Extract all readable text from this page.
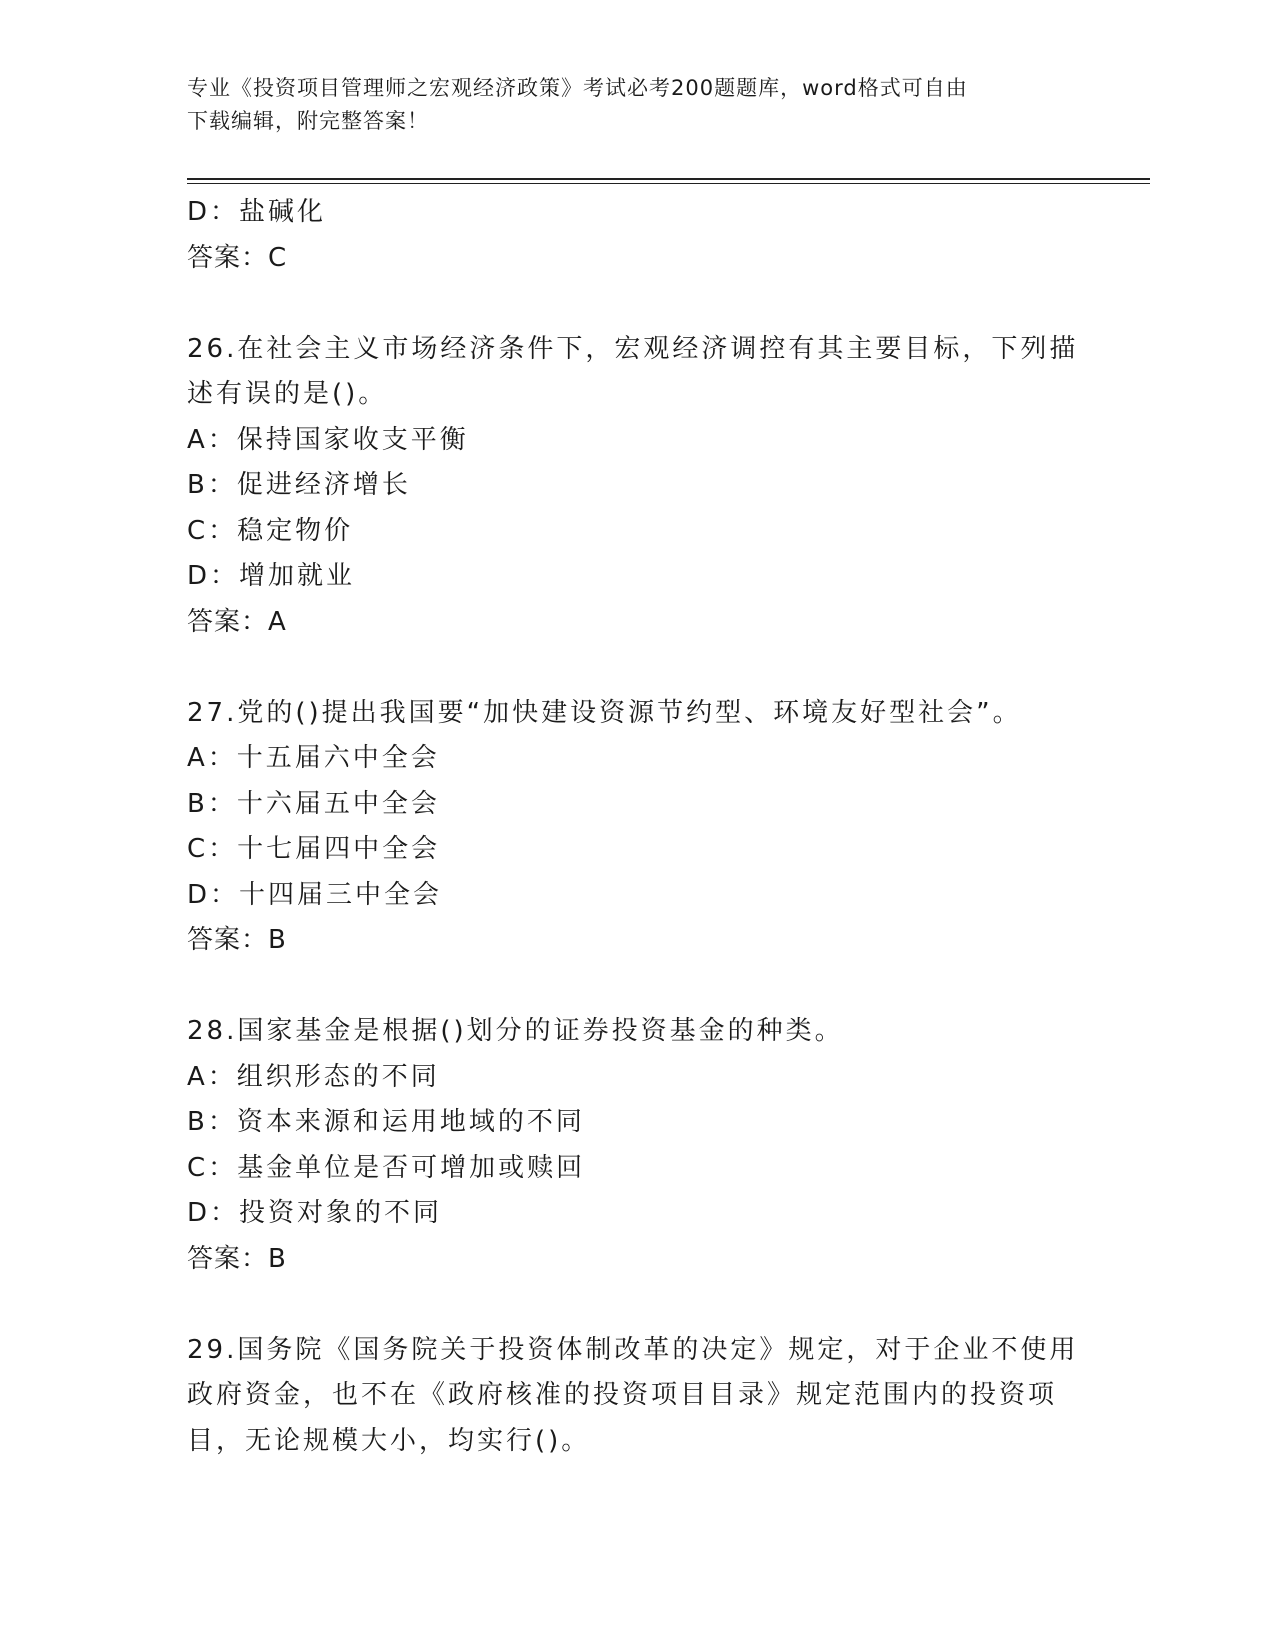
专业《投资项目管理师之宏观经济政策》考试必考200题题库，word格式可自由
下载编辑，附完整答案！
D：盐碱化
答案：C
26.在社会主义市场经济条件下，宏观经济调控有其主要目标，下列描
述有误的是()。
A：保持国家收支平衡
B：促进经济增长
C：稳定物价
D：增加就业
答案：A
27.党的()提出我国要“加快建设资源节约型、环境友好型社会”。
A：十五届六中全会
B：十六届五中全会
C：十七届四中全会
D：十四届三中全会
答案：B
28.国家基金是根据()划分的证券投资基金的种类。
A：组织形态的不同
B：资本来源和运用地域的不同
C：基金单位是否可增加或赎回
D：投资对象的不同
答案：B
29.国务院《国务院关于投资体制改革的决定》规定，对于企业不使用
政府资金，也不在《政府核准的投资项目目录》规定范围内的投资项
目，无论规模大小，均实行()。
